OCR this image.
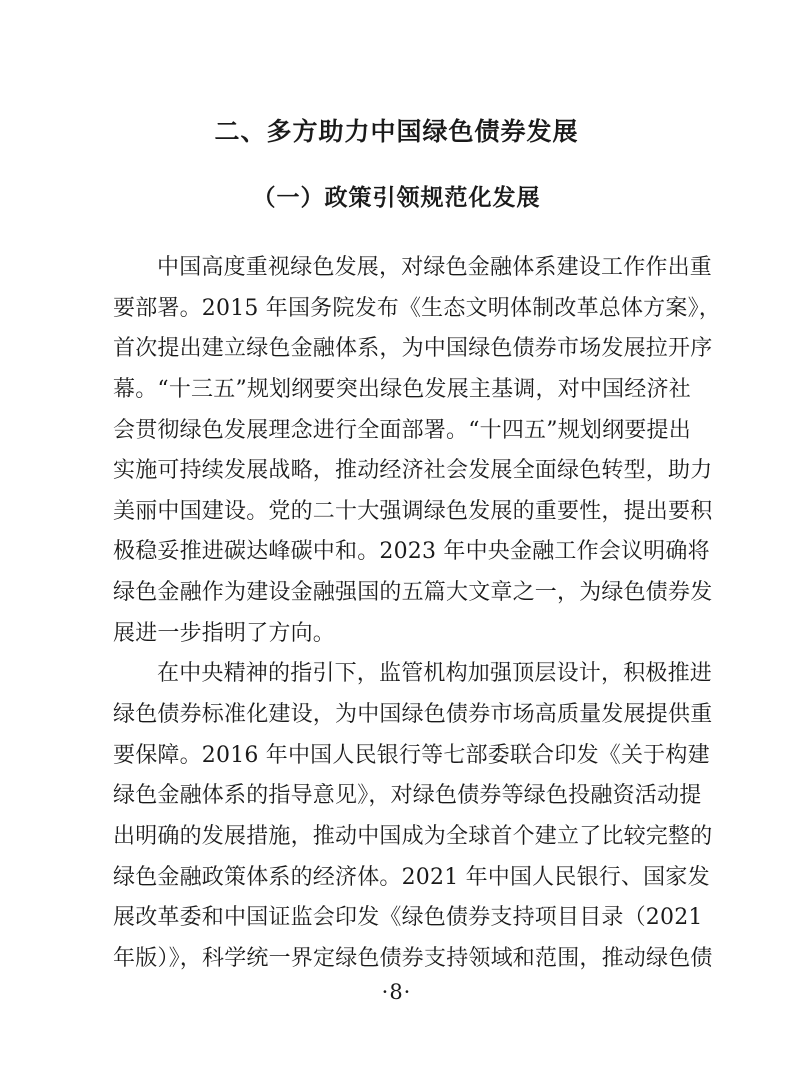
二、多方助力中国绿色债券发展
（一）政策引领规范化发展
中国高度重视绿色发展，对绿色金融体系建设工作作出重
要部署。2015 年国务院发布《生态文明体制改革总体方案》，
首次提出建立绿色金融体系，为中国绿色债券市场发展拉开序
幕。“十三五”规划纲要突出绿色发展主基调，对中国经济社
会贯彻绿色发展理念进行全面部署。“十四五”规划纲要提出
实施可持续发展战略，推动经济社会发展全面绿色转型，助力
美丽中国建设。党的二十大强调绿色发展的重要性，提出要积
极稳妥推进碳达峰碳中和。2023 年中央金融工作会议明确将
绿色金融作为建设金融强国的五篇大文章之一，为绿色债券发
展进一步指明了方向。
在中央精神的指引下，监管机构加强顶层设计，积极推进
绿色债券标准化建设，为中国绿色债券市场高质量发展提供重
要保障。2016 年中国人民银行等七部委联合印发《关于构建
绿色金融体系的指导意见》，对绿色债券等绿色投融资活动提
出明确的发展措施，推动中国成为全球首个建立了比较完整的
绿色金融政策体系的经济体。2021 年中国人民银行、国家发
展改革委和中国证监会印发《绿色债券支持项目目录（2021
年版）》，科学统一界定绿色债券支持领域和范围，推动绿色债
·8·
